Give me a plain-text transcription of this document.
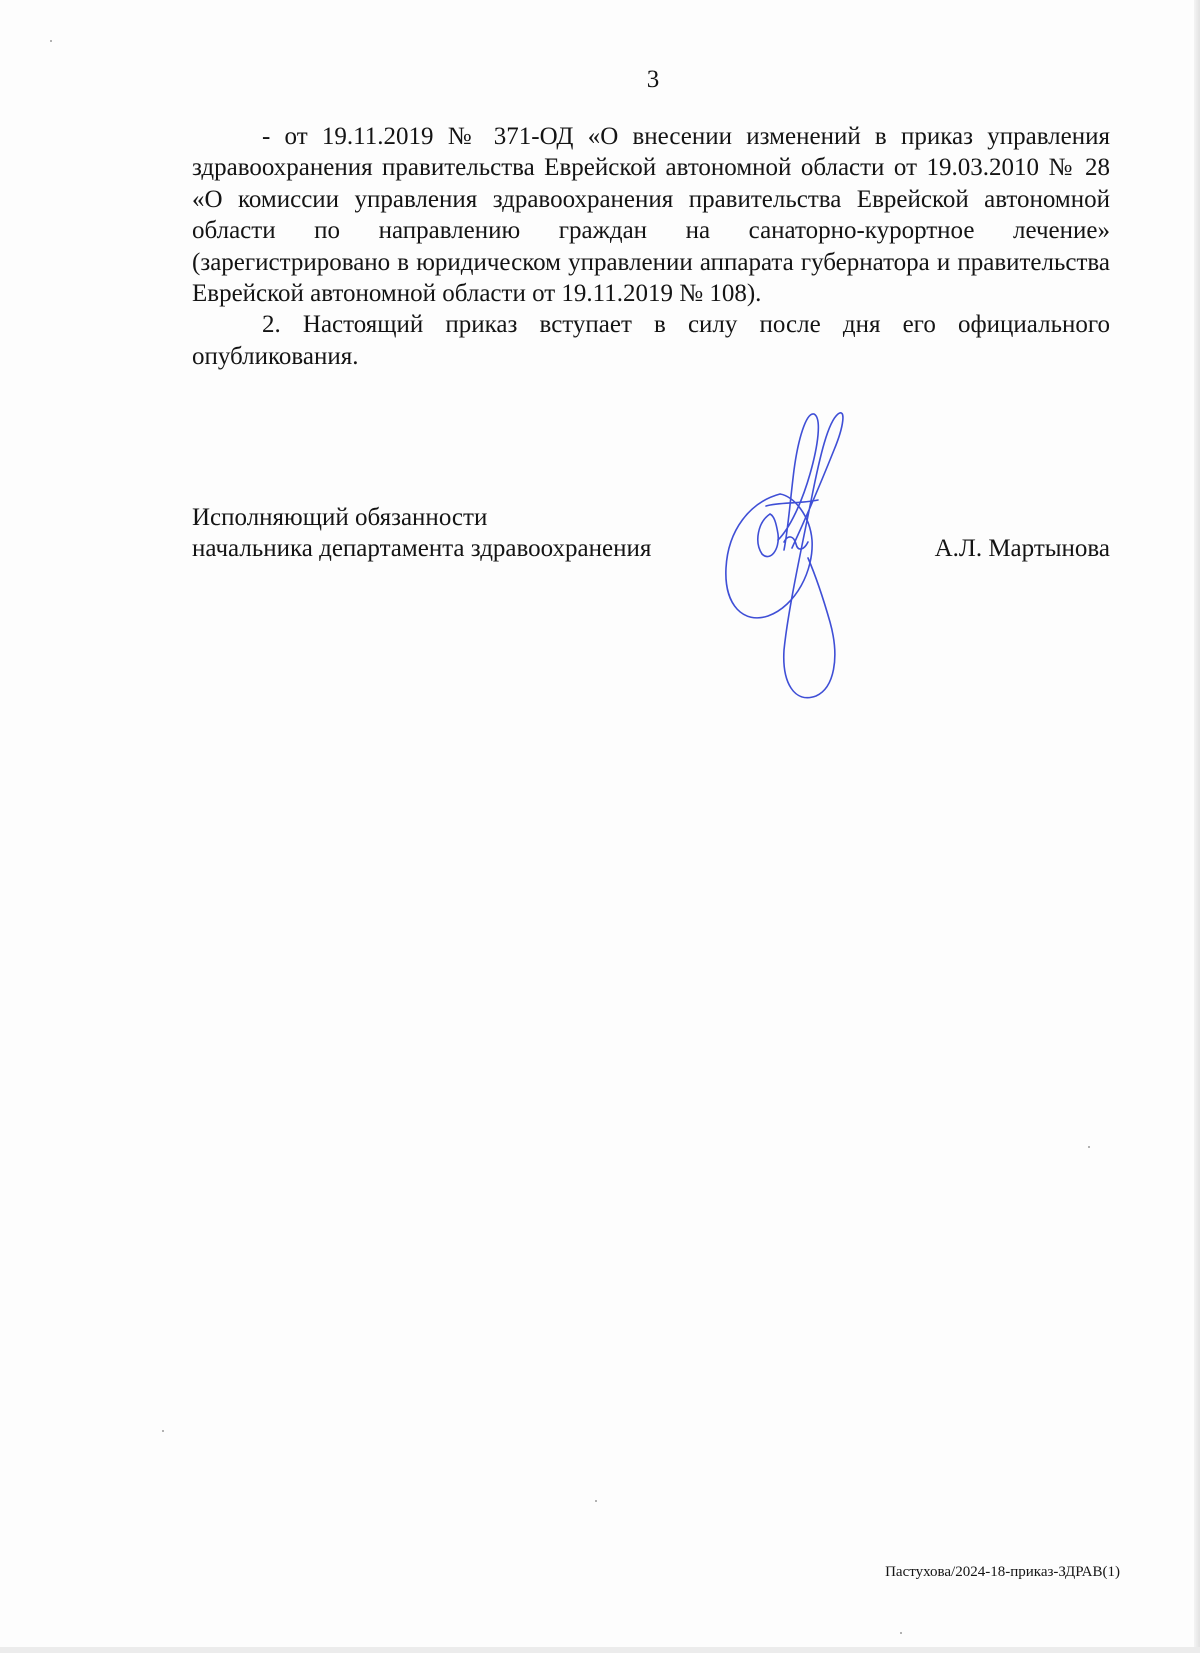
3

- от 19.11.2019 № 371-ОД «О внесении изменений в приказ управления здравоохранения правительства Еврейской автономной области от 19.03.2010 № 28 «О комиссии управления здравоохранения правительства Еврейской автономной области по направлению граждан на санаторно-курортное лечение» (зарегистрировано в юридическом управлении аппарата губернатора и правительства Еврейской автономной области от 19.11.2019 № 108).

2. Настоящий приказ вступает в силу после дня его официального опубликования.

Исполняющий обязанности
начальника департамента здравоохранения	А.Л. Мартынова
Пастухова/2024-18-приказ-ЗДРАВ(1)
